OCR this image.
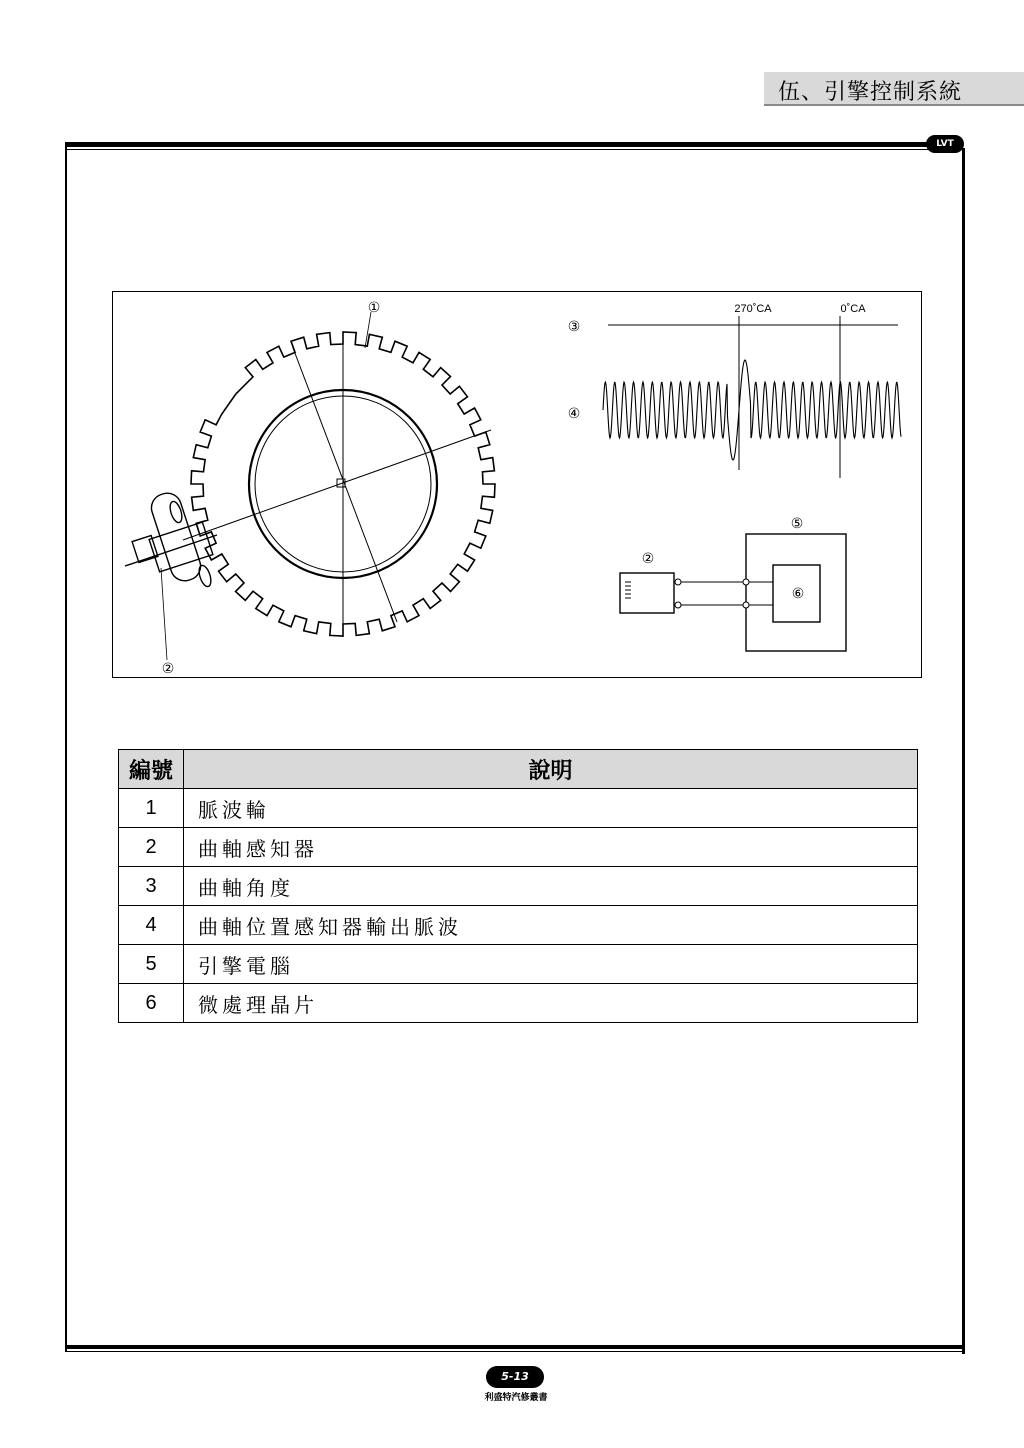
伍、引擎控制系統
LVT
①
②
③
270˚CA	0˚CA
④
⑤
②
⑥
編號	說明
1	脈波輪
2	曲軸感知器
3	曲軸角度
4	曲軸位置感知器輸出脈波
5	引擎電腦
6	微處理晶片
5-13
利盛特汽修叢書
